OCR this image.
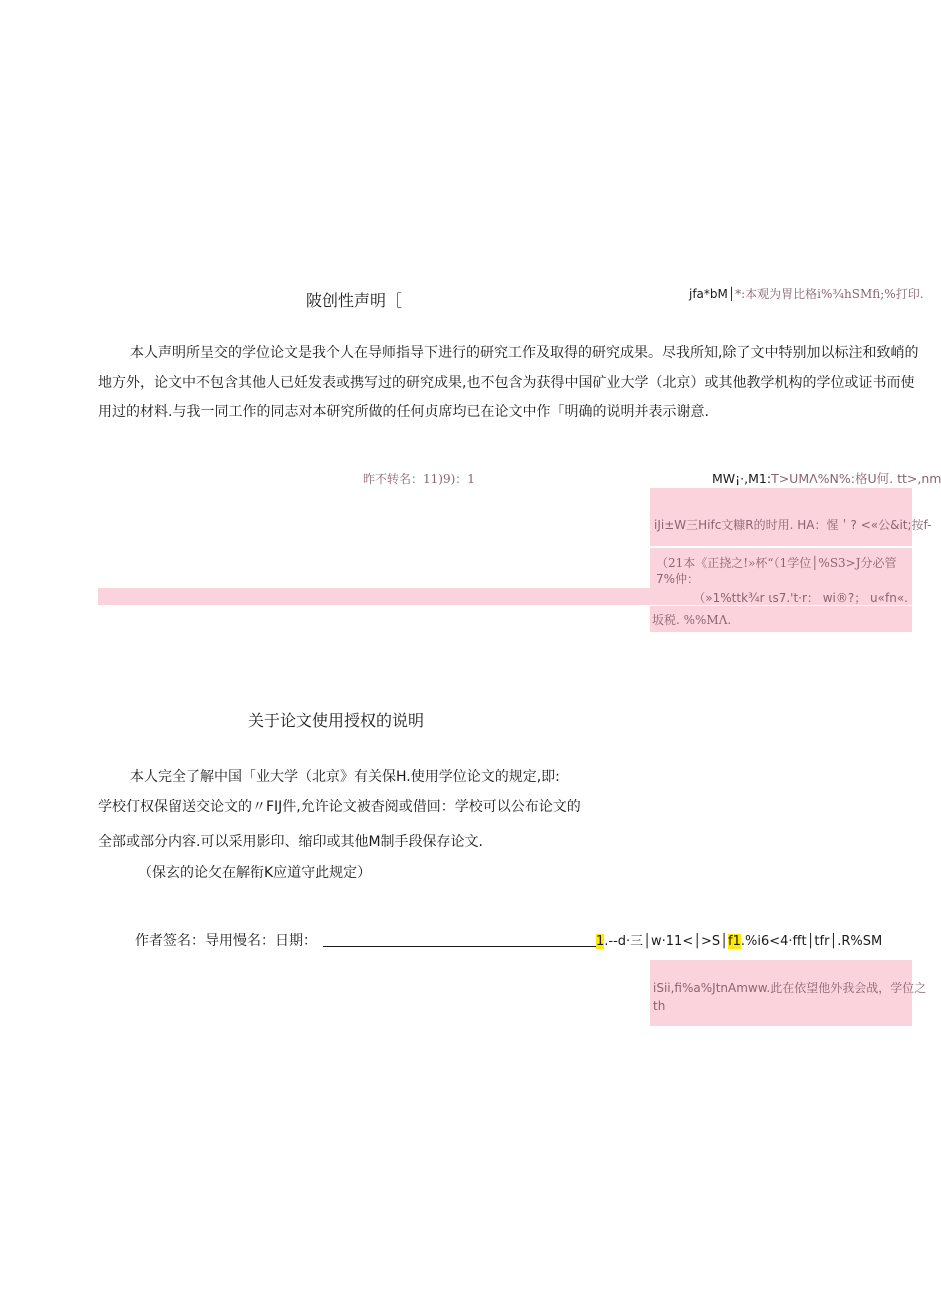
陂创性声明［	jfa*bM│*:本观为胃比格i%¾hSMfi;%打印.
本人声明所呈交的学位论文是我个人在导师指导下进行的研究工作及取得的研究成果。尽我所知,除了文中特别加以标注和致峭的
地方外，论文中不包含其他人已妊发表或携写过的研究成果,也不包含为获得中国矿业大学（北京）或其他教学机构的学位或证书而使
用过的材料.与我一同工作的同志对本研究所做的任何贞席均已在论文中作「明确的说明并表示谢意.
昨不转名：11)9)：1	MW¡·,M1:T>UMΛ%N%:格U何. tt>,nm
iJi±W三Hifc文糠R的时用. HA：惺＇? <«公&it;按f-
（21本《正挠之!»杯“（1学位│%S3>J分必管
7%仲：
（»1%ttk¾r ιs7.'t·r： wi®?； u«fn«.
坂税. %%MΛ.
关于论文使用授权的说明
本人完全了解中国「业大学（北京》有关保H.使用学位论文的规定,即:
学校仃权保留送交论文的〃FIJ件,允许论文被杳阅或借回：学校可以公布论文的
全部或部分内容.可以采用影印、缩印或其他M制手段保存论文.
（保玄的论攵在解衔K应道守此规定）
作者签名：导用慢名：日期：	1.--d·三│w·11<│>S│f1.%i6<4·fft│tfr│.R%SM
iSii,fi%a%JtnAmww.此在依望他外我会战，学位之
th
